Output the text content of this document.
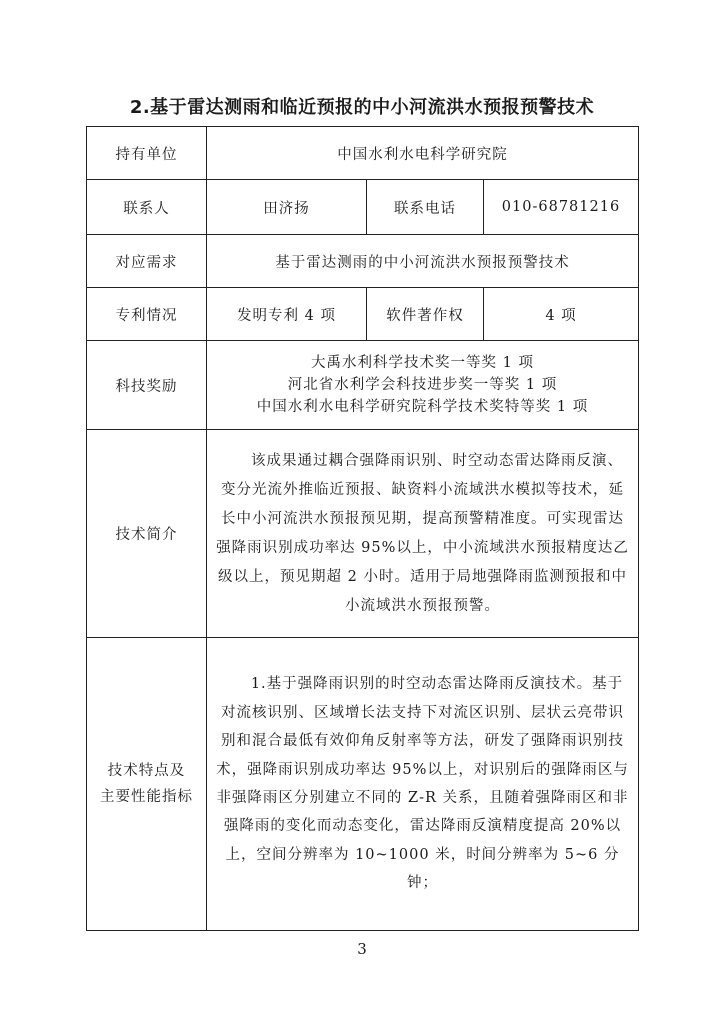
2.基于雷达测雨和临近预报的中小河流洪水预报预警技术
持有单位	中国水利水电科学研究院		
联系人	田济扬	联系电话	010-68781216
对应需求	基于雷达测雨的中小河流洪水预报预警技术		
专利情况	发明专利 4 项	软件著作权	4 项
科技奖励	大禹水利科学技术奖一等奖 1 项
河北省水利学会科技进步奖一等奖 1 项
中国水利水电科学研究院科学技术奖特等奖 1 项		

技术简介	该成果通过耦合强降雨识别、时空动态雷达降雨反演、变分光流外推临近预报、缺资料小流域洪水模拟等技术，延长中小河流洪水预报预见期，提高预警精准度。可实现雷达强降雨识别成功率达 95%以上，中小流域洪水预报精度达乙级以上，预见期超 2 小时。适用于局地强降雨监测预报和中小流域洪水预报预警。		

技术特点及
主要性能指标	1.基于强降雨识别的时空动态雷达降雨反演技术。基于对流核识别、区域增长法支持下对流区识别、层状云亮带识别和混合最低有效仰角反射率等方法，研发了强降雨识别技术，强降雨识别成功率达 95%以上，对识别后的强降雨区与非强降雨区分别建立不同的 Z-R 关系，且随着强降雨区和非强降雨的变化而动态变化，雷达降雨反演精度提高 20%以上，空间分辨率为 10~1000 米，时间分辨率为 5~6 分钟；		
3
